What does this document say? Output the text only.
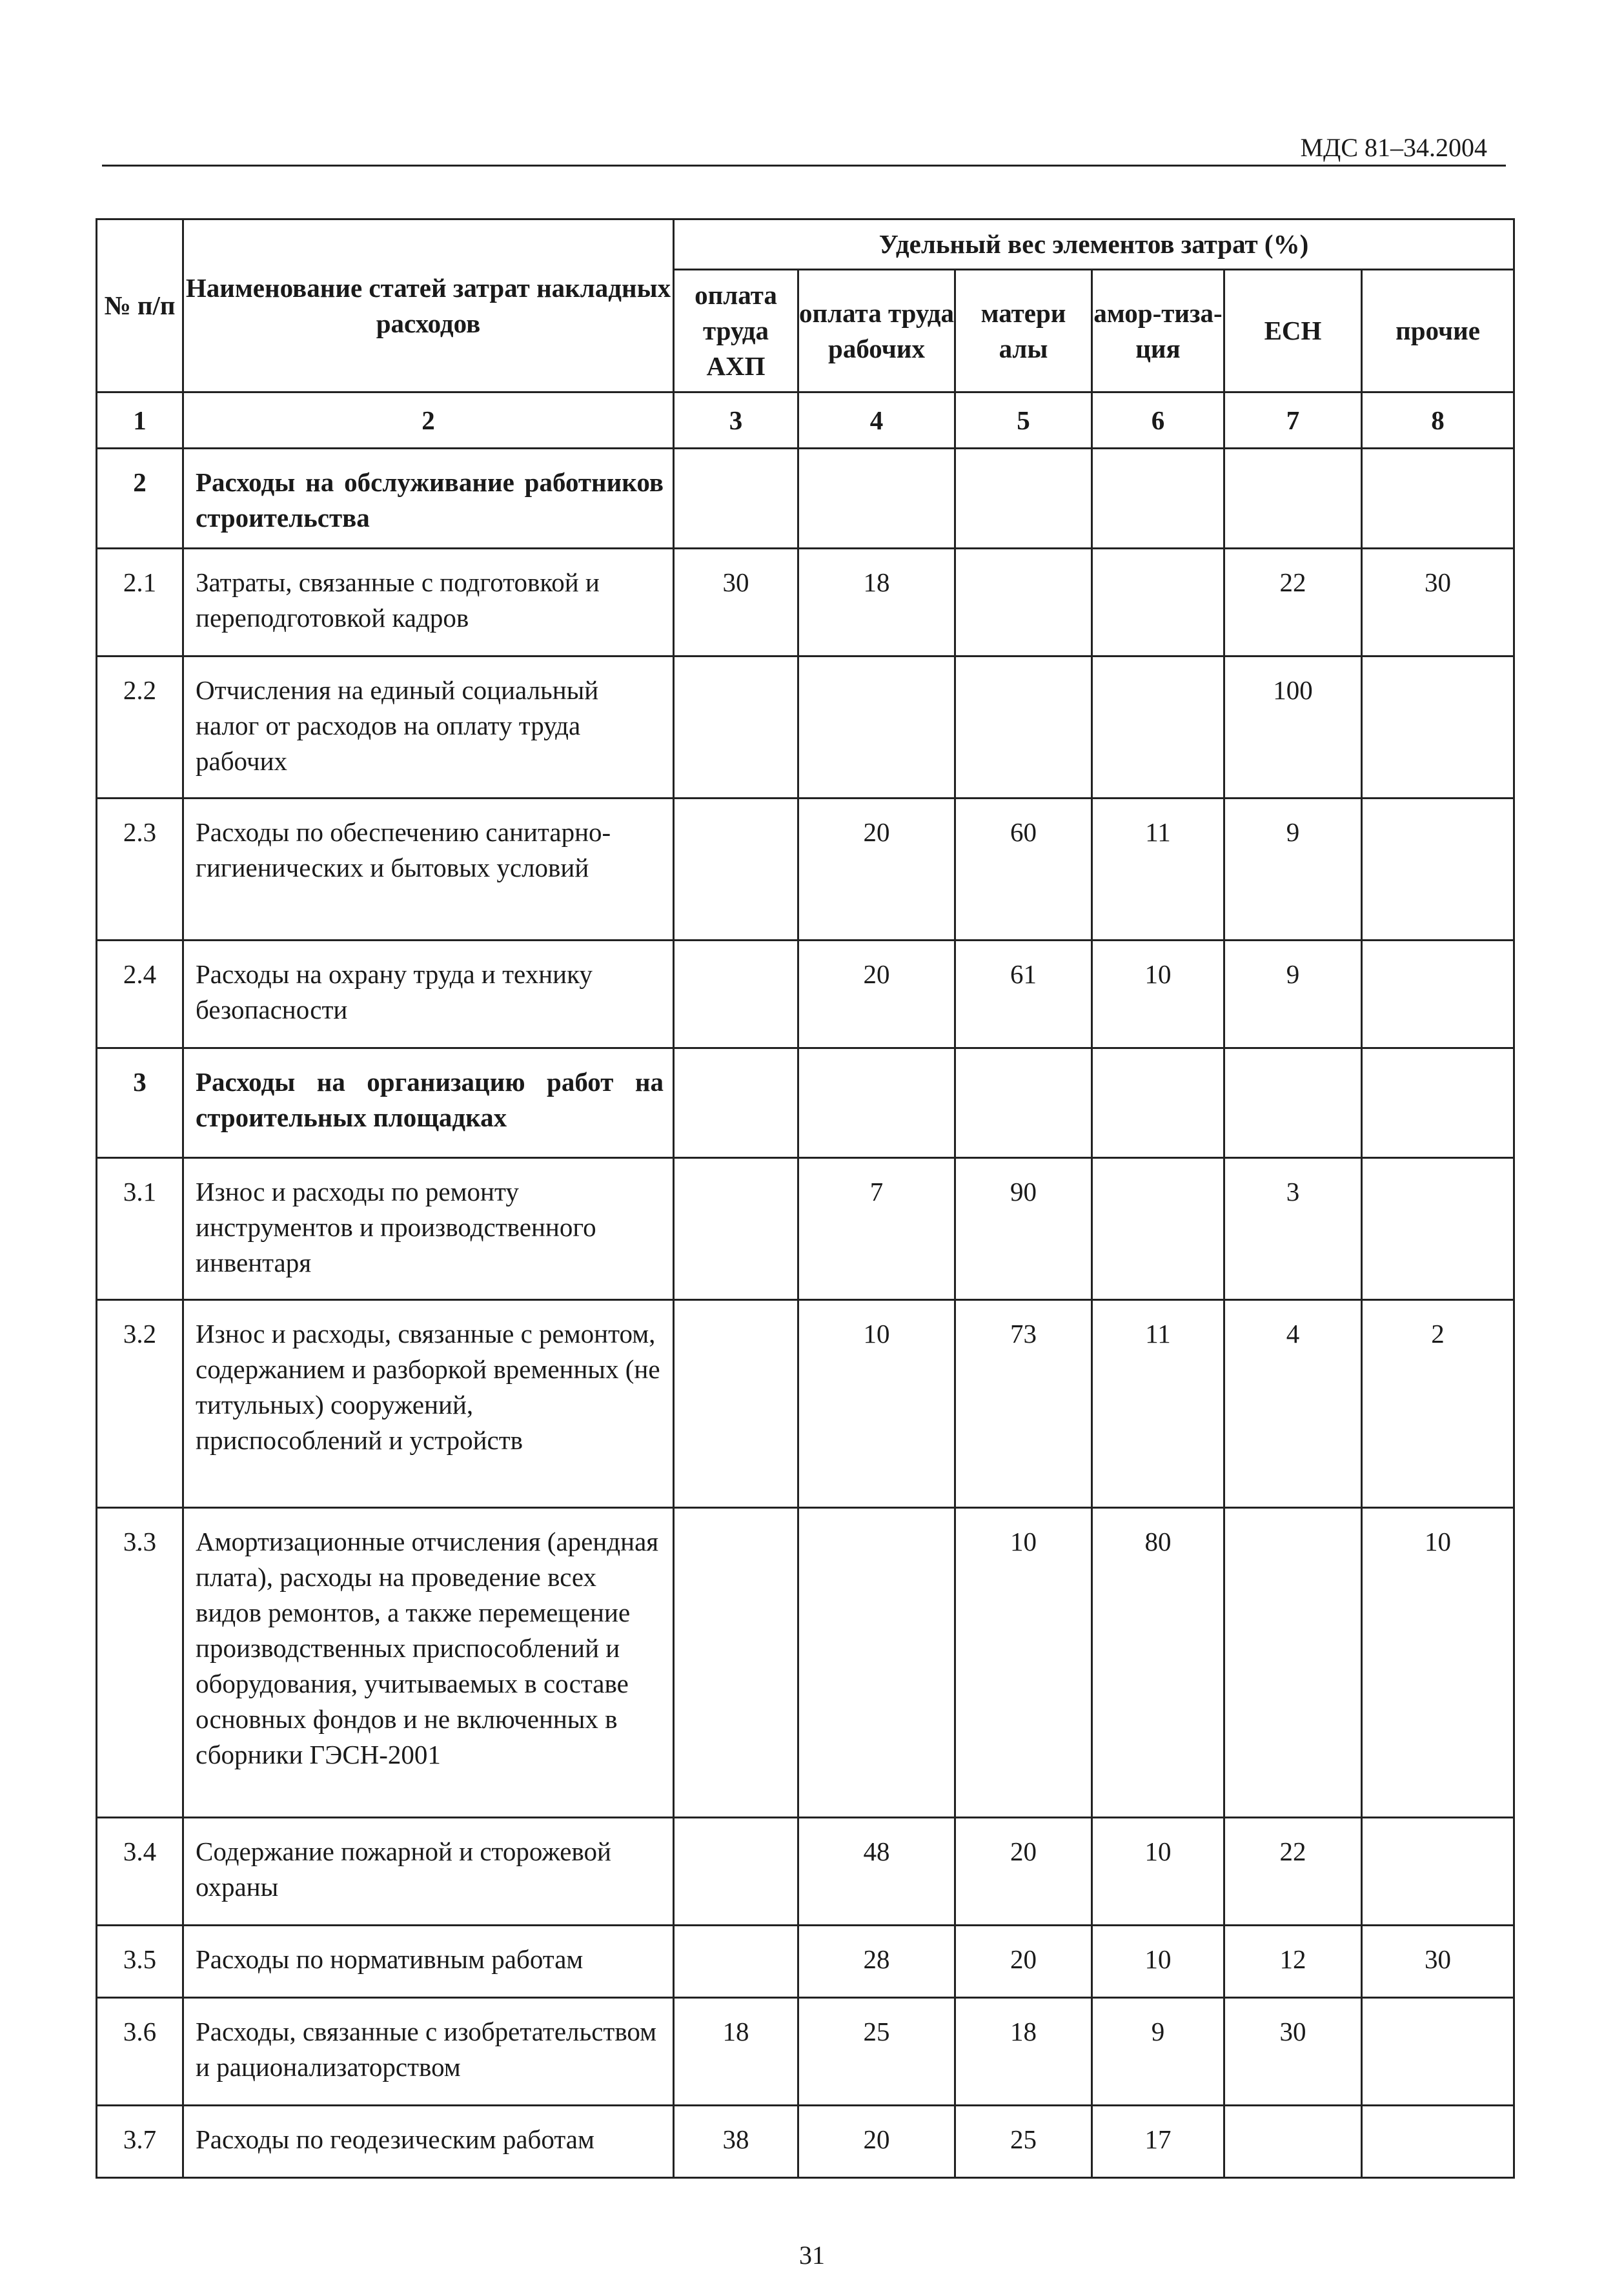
МДС 81–34.2004
№ п/п	Наименование статей затрат накладных расходов	Удельный вес элементов затрат (%)					
		оплата труда АХП	оплата труда рабочих	матери алы	амор-тиза-ция	ЕСН	прочие
1	2	3	4	5	6	7	8
2	Расходы на обслуживание работников строительства						
2.1	Затраты, связанные с подготовкой и переподготовкой кадров	30	18			22	30
2.2	Отчисления на единый социальный налог от расходов на оплату труда рабочих					100	
2.3	Расходы по обеспечению санитарно-гигиенических и бытовых условий		20	60	11	9	
2.4	Расходы на охрану труда и технику безопасности		20	61	10	9	
3	Расходы на организацию работ на строительных площадках						
3.1	Износ и расходы по ремонту инструментов и производственного инвентаря		7	90		3	
3.2	Износ и расходы, связанные с ремонтом, содержанием и разборкой временных (не титульных) сооружений, приспособлений и устройств		10	73	11	4	2
3.3	Амортизационные отчисления (арендная плата), расходы на проведение всех видов ремонтов, а также перемещение производственных приспособлений и оборудования, учитываемых в составе основных фондов и не включенных в сборники ГЭСН-2001			10	80		10
3.4	Содержание пожарной и сторожевой охраны		48	20	10	22	
3.5	Расходы по нормативным работам		28	20	10	12	30
3.6	Расходы, связанные с изобретательством и рационализаторством	18	25	18	9	30	
3.7	Расходы по геодезическим работам	38	20	25	17		
31
